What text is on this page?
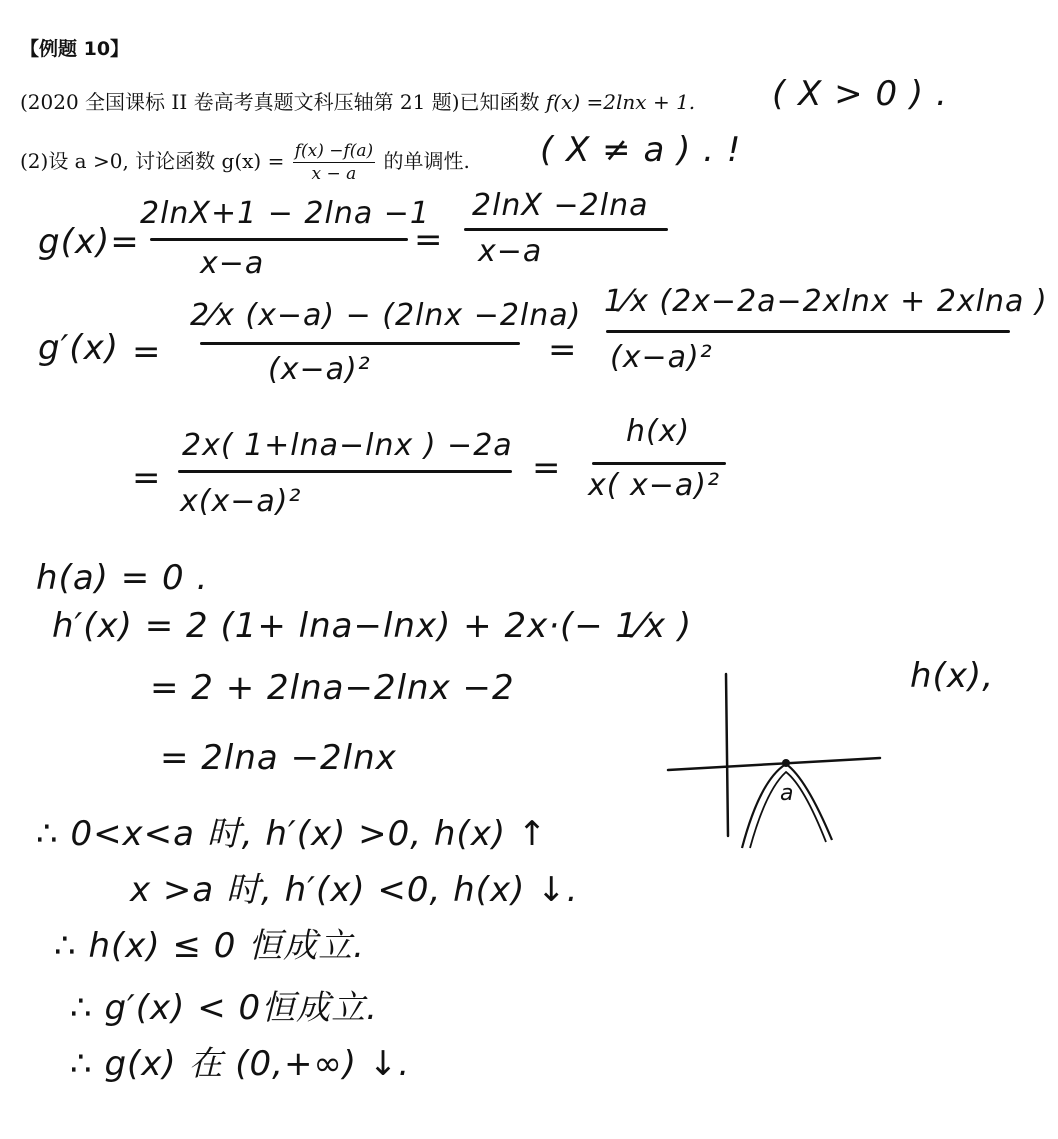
【例题 10】
(2020 全国课标 II 卷高考真题文科压轴第 21 题)已知函数 f(x) =2lnx + 1.
(2)设 a >0, 讨论函数 $g(x) = \frac{f(x) -f(a)}{x - a}$ 的单调性.
( X > 0 ) .
( X ≠ a ) . !
g(x)=
2lnX+1 − 2lna −1
x−a
=
2lnX −2lna
x−a
g′(x) =
2⁄x (x−a) − (2lnx −2lna)
(x−a)²	=
1⁄x (2x−2a−2xlnx + 2xlna )
(x−a)²
=
2x( 1+lna−lnx ) −2a
x(x−a)²
=
h(x)
x( x−a)²
h(a) = 0 .
h′(x) = 2 (1+ lna−lnx) + 2x·(− 1⁄x )
= 2 + 2lna−2lnx −2
= 2lna −2lnx
∴ 0<x<a 时, h′(x) >0, h(x) ↑
x >a 时, h′(x) <0, h(x) ↓.
∴ h(x) ≤ 0 恒成立.
∴ g′(x) < 0恒成立.
∴ g(x) 在 (0,+∞) ↓.
h(x),
a
